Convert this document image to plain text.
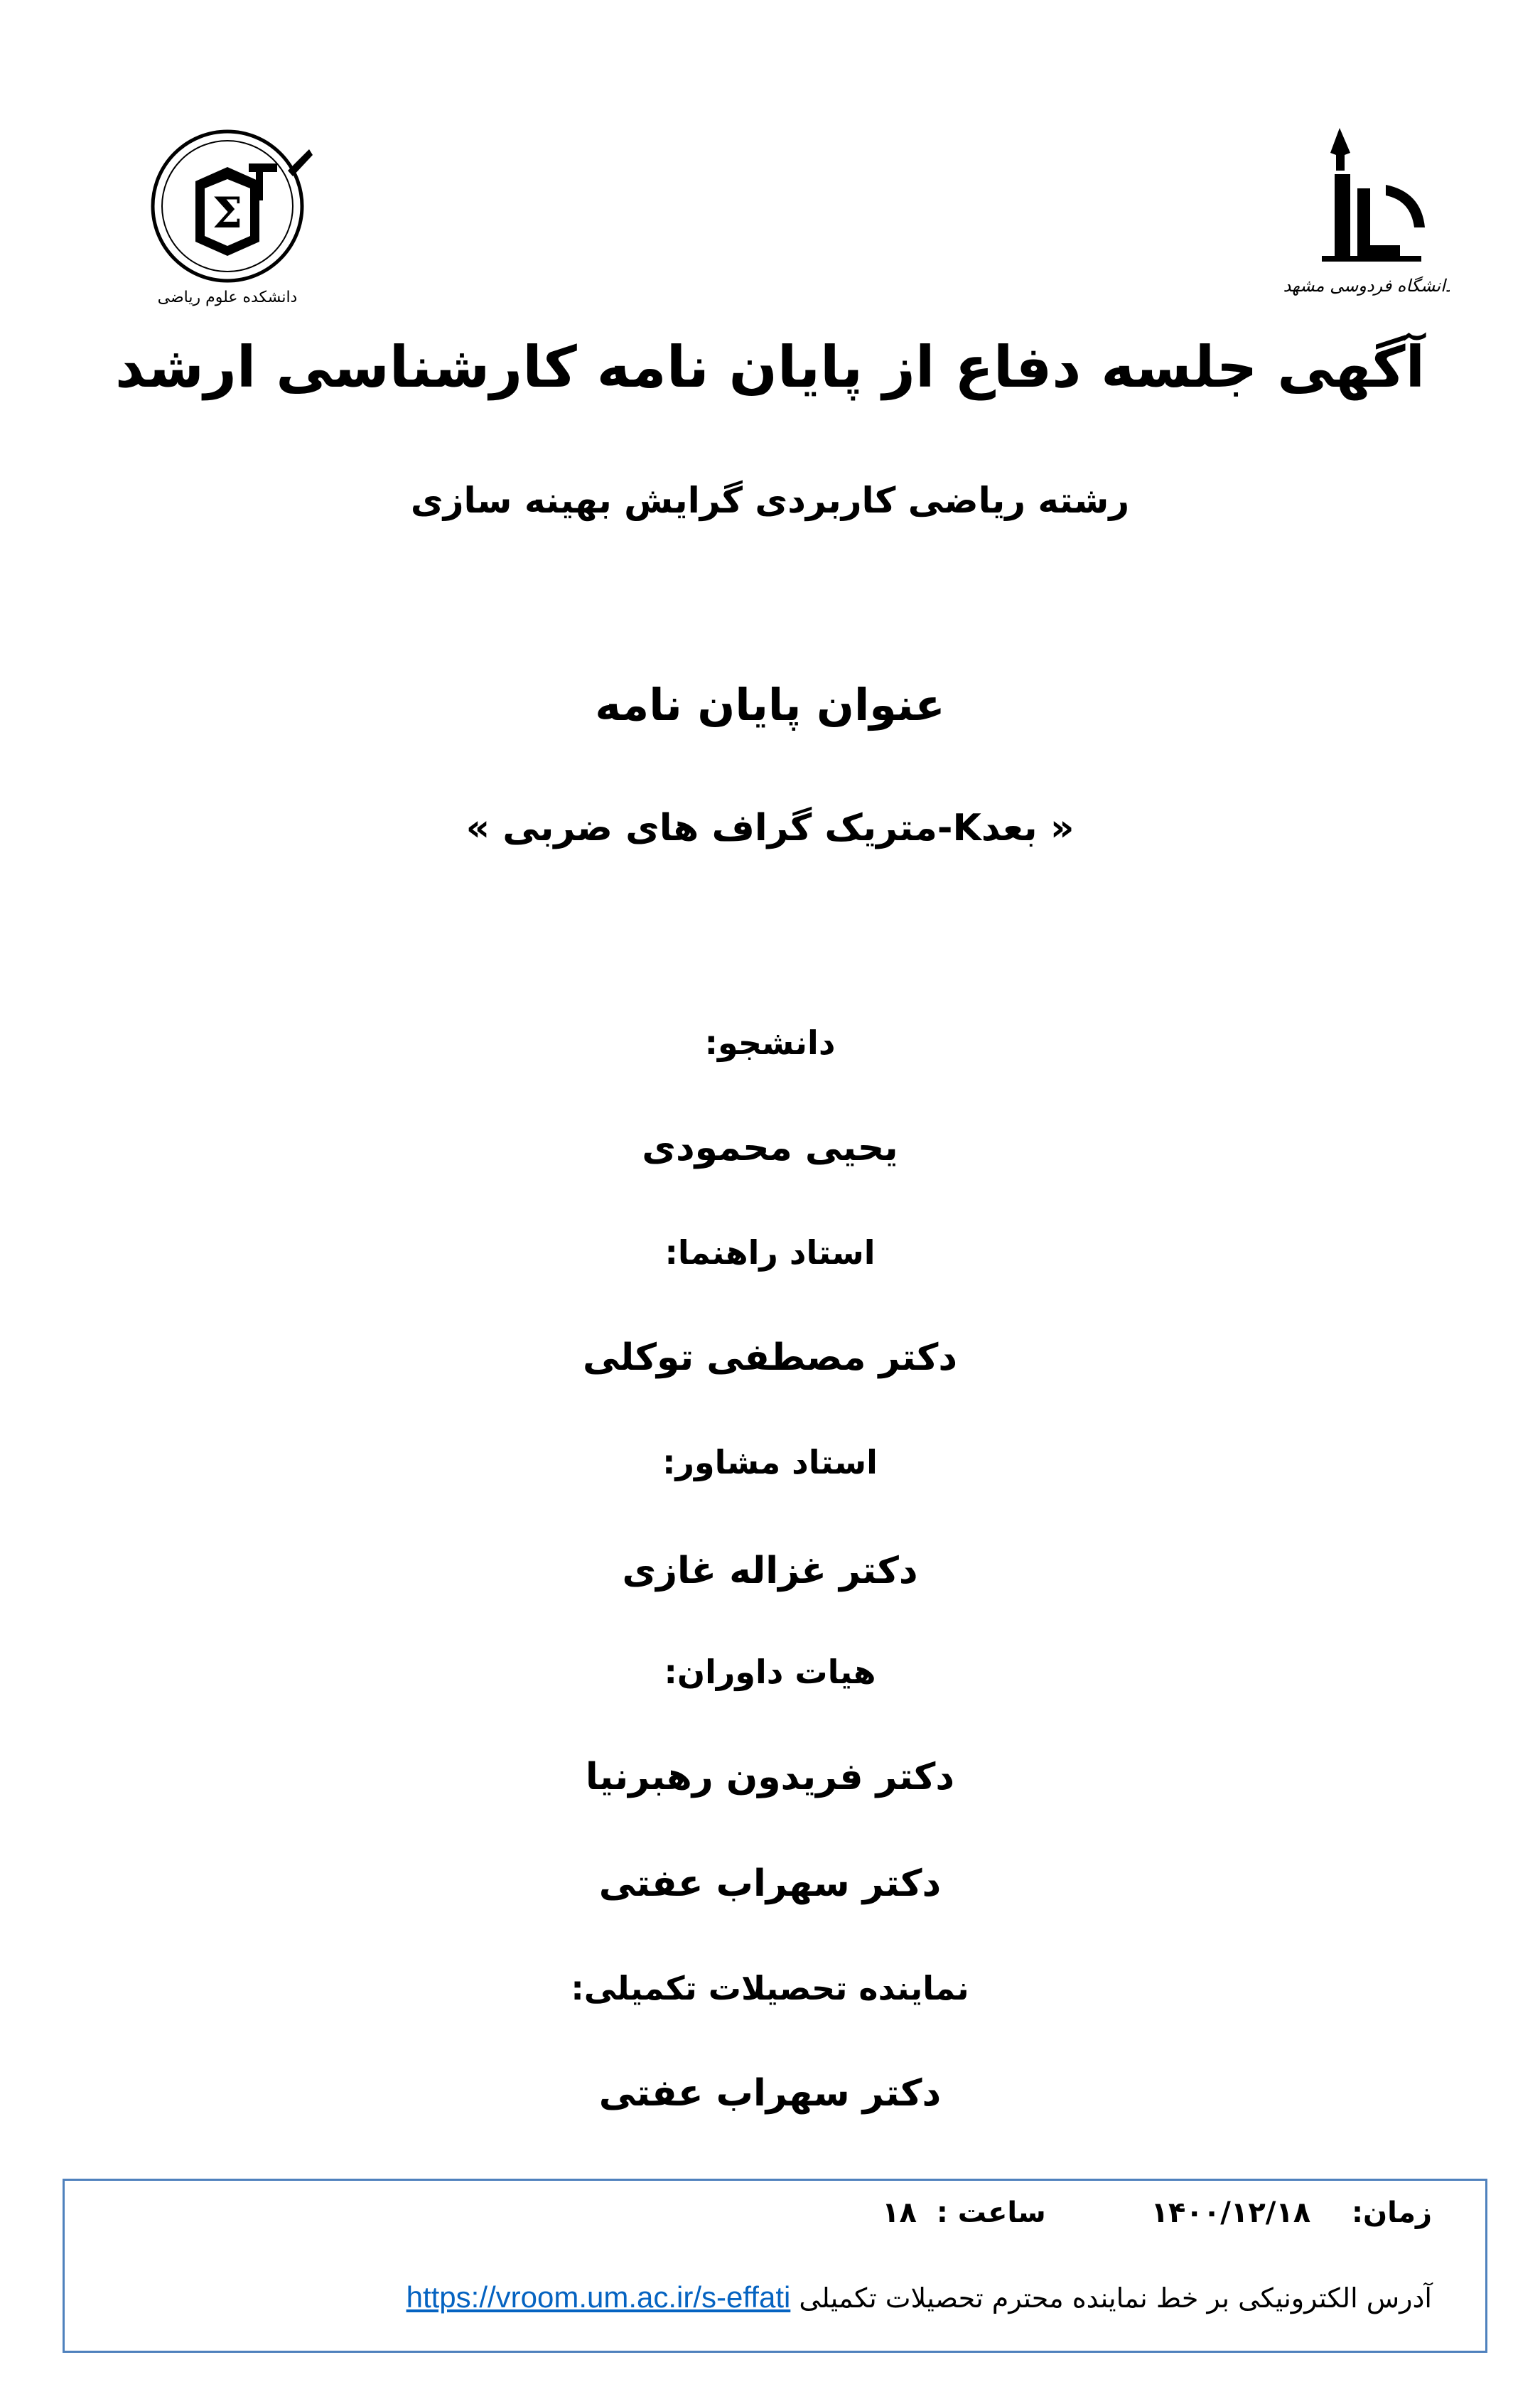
Σ
دانشکده علوم ریاضی
دانشگاه فردوسی مشهد
آگهی جلسه دفاع از پایان نامه کارشناسی ارشد
رشته ریاضی کاربردی گرایش بهینه سازی
عنوان پایان نامه
« بعدK-متریک گراف های ضربی »
دانشجو:
یحیی محمودی
استاد راهنما:
دکتر مصطفی توکلی
استاد مشاور:
دکتر غزاله غازی
هیات داوران:
دکتر فریدون رهبرنیا
دکتر سهراب عفتی
نماینده تحصیلات تکمیلی:
دکتر سهراب عفتی
زمان:  ۱۴۰۰/۱۲/۱۸  ساعت :  ۱۸
آدرس الکترونیکی بر خط نماینده محترم تحصیلات تکمیلی https://vroom.um.ac.ir/s-effati
